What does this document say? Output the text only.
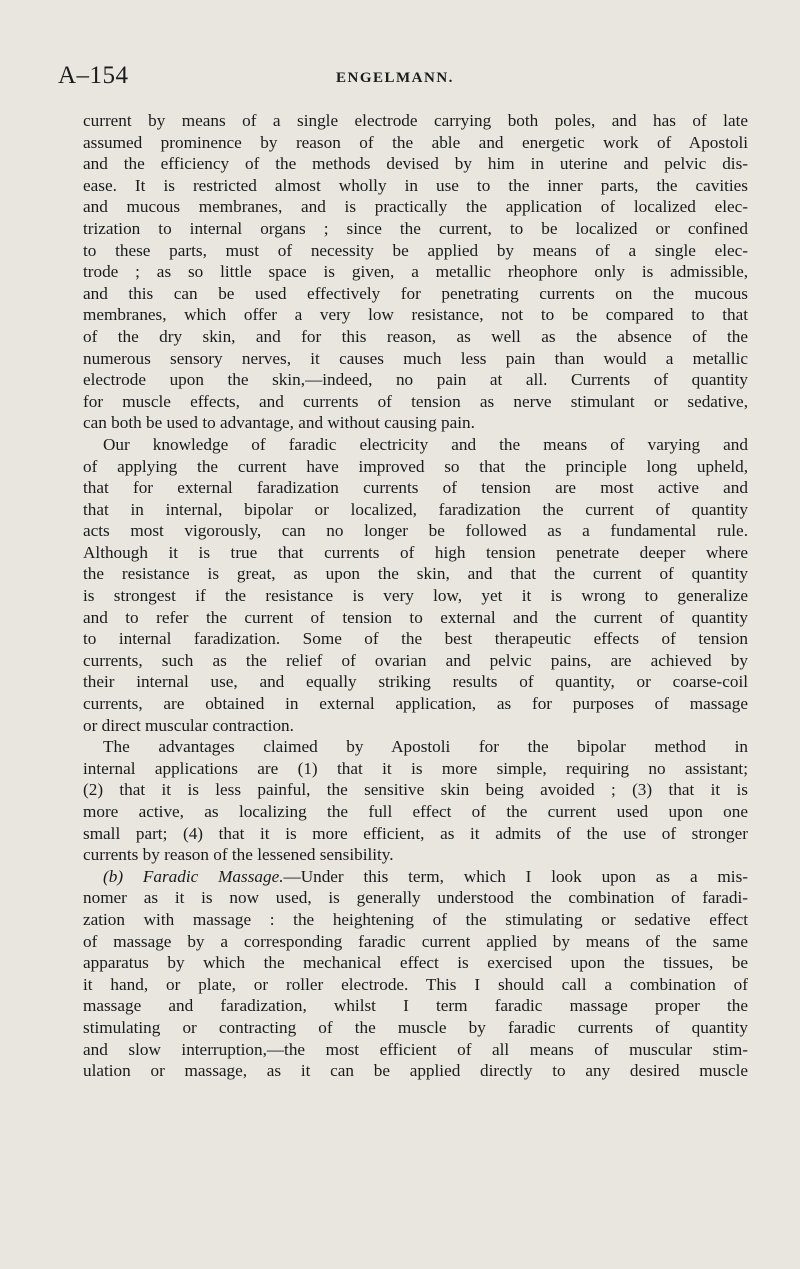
A–154	ENGELMANN.
current by means of a single electrode carrying both poles, and has of late
assumed prominence by reason of the able and energetic work of Apostoli
and the efficiency of the methods devised by him in uterine and pelvic dis-
ease. It is restricted almost wholly in use to the inner parts, the cavities
and mucous membranes, and is practically the application of localized elec-
trization to internal organs ; since the current, to be localized or confined
to these parts, must of necessity be applied by means of a single elec-
trode ; as so little space is given, a metallic rheophore only is admissible,
and this can be used effectively for penetrating currents on the mucous
membranes, which offer a very low resistance, not to be compared to that
of the dry skin, and for this reason, as well as the absence of the
numerous sensory nerves, it causes much less pain than would a metallic
electrode upon the skin,—indeed, no pain at all. Currents of quantity
for muscle effects, and currents of tension as nerve stimulant or sedative,
can both be used to advantage, and without causing pain.
Our knowledge of faradic electricity and the means of varying and
of applying the current have improved so that the principle long upheld,
that for external faradization currents of tension are most active and
that in internal, bipolar or localized, faradization the current of quantity
acts most vigorously, can no longer be followed as a fundamental rule.
Although it is true that currents of high tension penetrate deeper where
the resistance is great, as upon the skin, and that the current of quantity
is strongest if the resistance is very low, yet it is wrong to generalize
and to refer the current of tension to external and the current of quantity
to internal faradization. Some of the best therapeutic effects of tension
currents, such as the relief of ovarian and pelvic pains, are achieved by
their internal use, and equally striking results of quantity, or coarse-coil
currents, are obtained in external application, as for purposes of massage
or direct muscular contraction.
The advantages claimed by Apostoli for the bipolar method in
internal applications are (1) that it is more simple, requiring no assistant;
(2) that it is less painful, the sensitive skin being avoided ; (3) that it is
more active, as localizing the full effect of the current used upon one
small part; (4) that it is more efficient, as it admits of the use of stronger
currents by reason of the lessened sensibility.
(b) Faradic Massage.—Under this term, which I look upon as a mis-
nomer as it is now used, is generally understood the combination of faradi-
zation with massage : the heightening of the stimulating or sedative effect
of massage by a corresponding faradic current applied by means of the same
apparatus by which the mechanical effect is exercised upon the tissues, be
it hand, or plate, or roller electrode. This I should call a combination of
massage and faradization, whilst I term faradic massage proper the
stimulating or contracting of the muscle by faradic currents of quantity
and slow interruption,—the most efficient of all means of muscular stim-
ulation or massage, as it can be applied directly to any desired muscle
